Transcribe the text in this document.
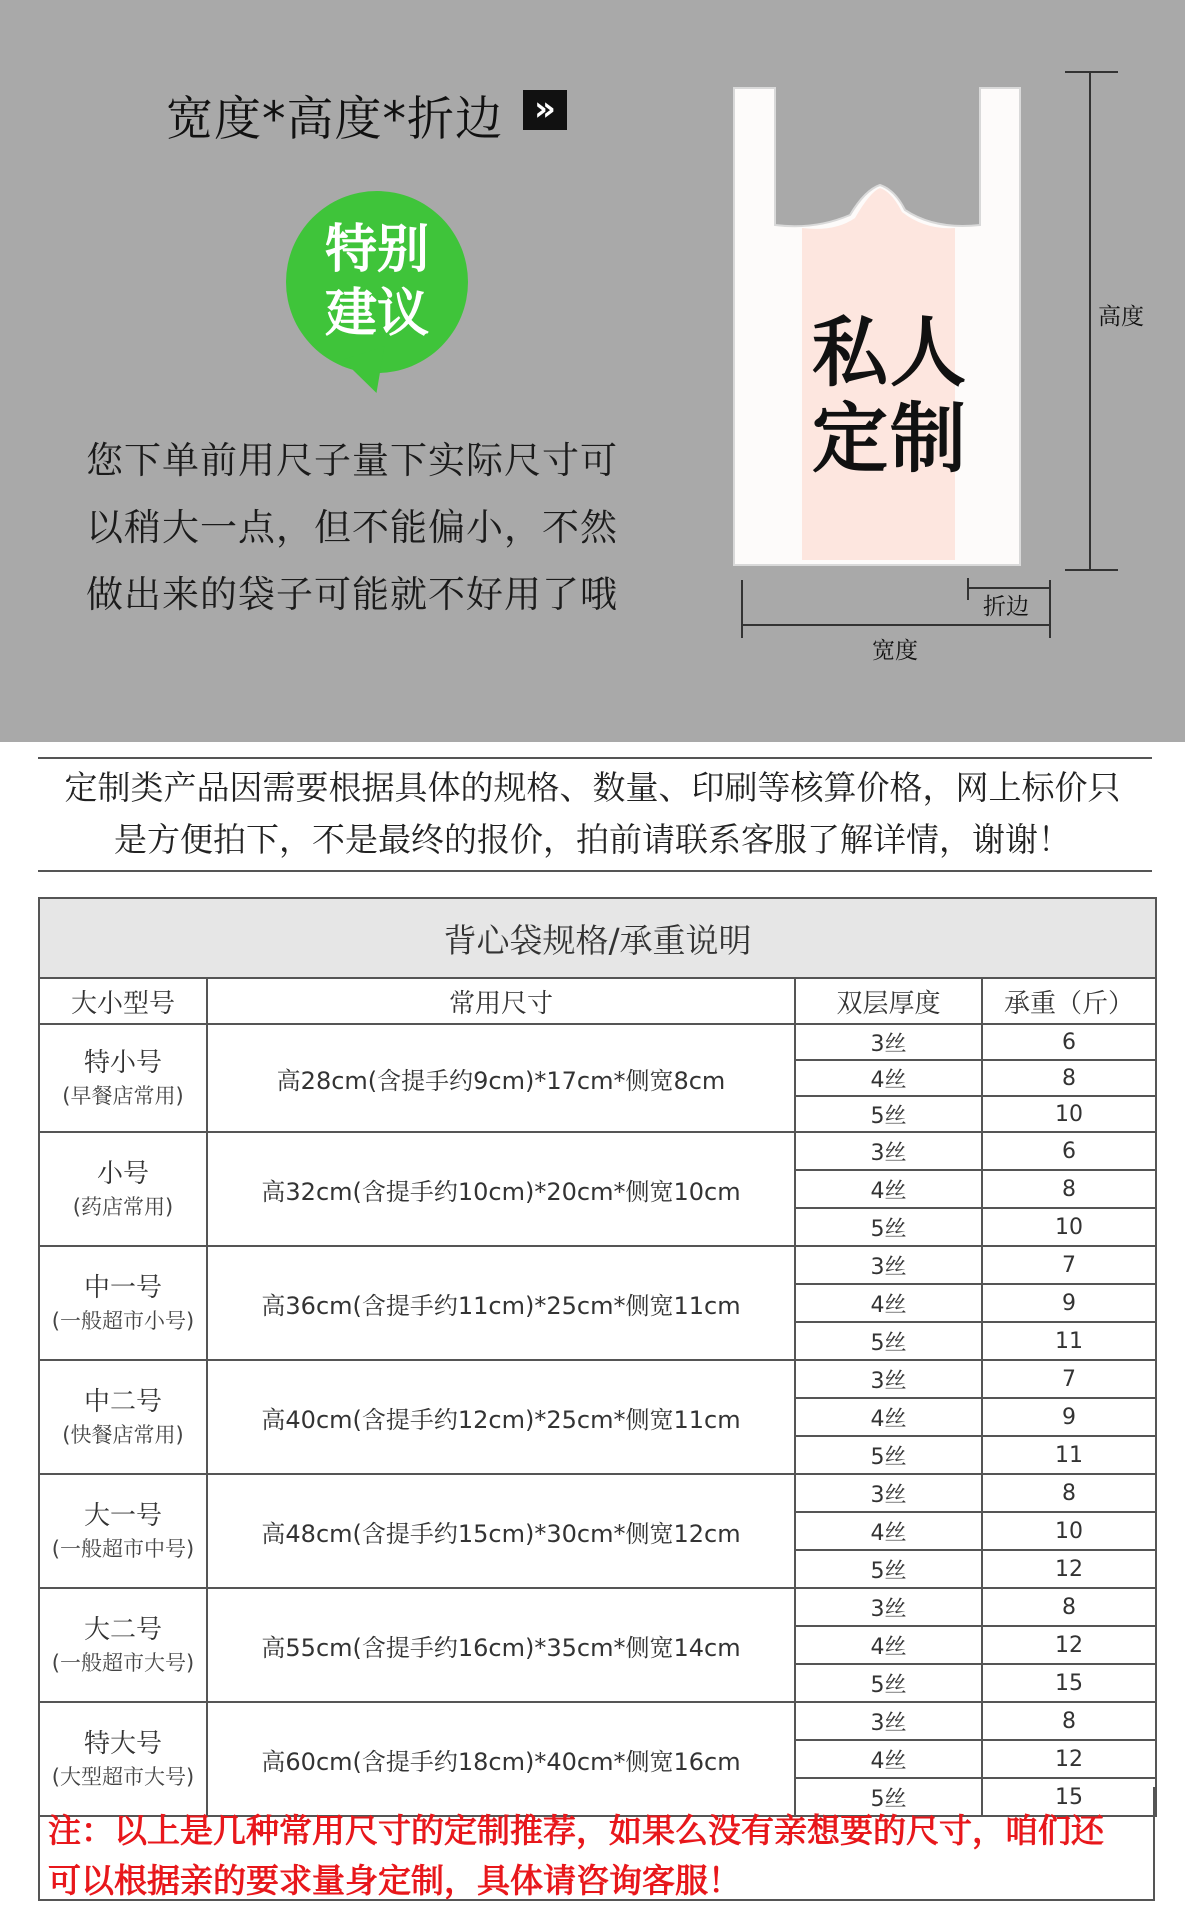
宽度*高度*折边 »
特别
建议
您下单前用尺子量下实际尺寸可
以稍大一点，但不能偏小，不然
做出来的袋子可能就不好用了哦
私人
定制
高度
折边
宽度
定制类产品因需要根据具体的规格、数量、印刷等核算价格，网上标价只
是方便拍下，不是最终的报价，拍前请联系客服了解详情，谢谢！
背心袋规格/承重说明			
大小型号	常用尺寸	双层厚度	承重（斤）

特小号
(早餐店常用)	高28cm(含提手约9cm)*17cm*侧宽8cm	3丝	6
		4丝	8
		5丝	10

小号
(药店常用)	高32cm(含提手约10cm)*20cm*侧宽10cm	3丝	6
		4丝	8
		5丝	10

中一号
(一般超市小号)	高36cm(含提手约11cm)*25cm*侧宽11cm	3丝	7
		4丝	9
		5丝	11

中二号
(快餐店常用)	高40cm(含提手约12cm)*25cm*侧宽11cm	3丝	7
		4丝	9
		5丝	11

大一号
(一般超市中号)	高48cm(含提手约15cm)*30cm*侧宽12cm	3丝	8
		4丝	10
		5丝	12

大二号
(一般超市大号)	高55cm(含提手约16cm)*35cm*侧宽14cm	3丝	8
		4丝	12
		5丝	15

特大号
(大型超市大号)	高60cm(含提手约18cm)*40cm*侧宽16cm	3丝	8
		4丝	12
		5丝	15
注：以上是几种常用尺寸的定制推荐，如果么没有亲想要的尺寸，咱们还
可以根据亲的要求量身定制，具体请咨询客服！
